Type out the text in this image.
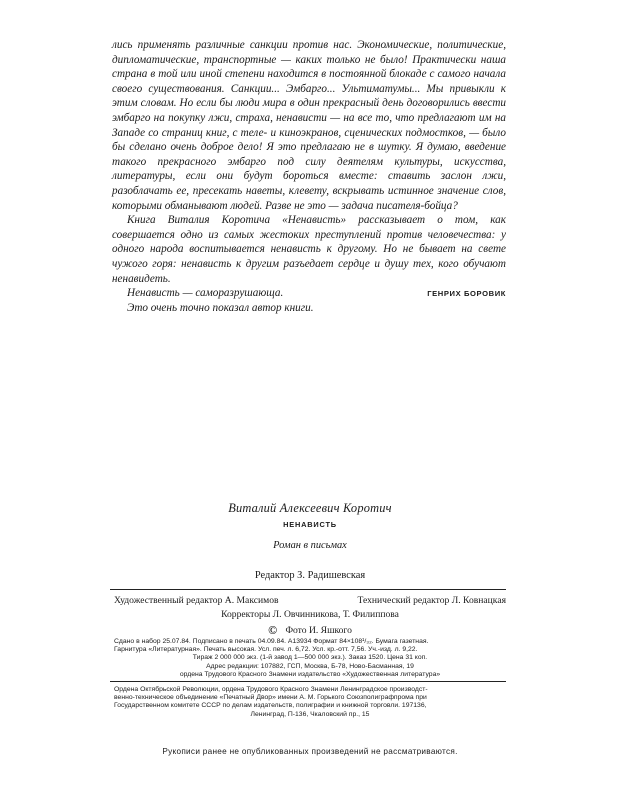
лись применять различные санкции против нас. Экономические, политические, дипломатические, транспортные — каких только не было! Практически наша страна в той или иной степени находится в постоянной блокаде с самого начала своего существования. Санкции... Эмбарго... Ультиматумы... Мы привыкли к этим словам. Но если бы люди мира в один прекрасный день договорились ввести эмбарго на покупку лжи, страха, ненависти — на все то, что предлагают им на Западе со страниц книг, с теле- и киноэкранов, сценических подмостков, — было бы сделано очень доброе дело! Я это предлагаю не в шутку. Я думаю, введение такого прекрасного эмбарго под силу деятелям культуры, искусства, литературы, если они будут бороться вместе: ставить заслон лжи, разоблачать ее, пресекать наветы, клевету, вскрывать истинное значение слов, которыми обманывают людей. Разве не это — задача писателя-бойца?

Книга Виталия Коротича «Ненависть» рассказывает о том, как совершается одно из самых жестоких преступлений против человечества: у одного народа воспитывается ненависть к другому. Но не бывает на свете чужого горя: ненависть к другим разъедает сердце и душу тех, кого обучают ненавидеть.

Ненависть — саморазрушающа.

Это очень точно показал автор книги.

ГЕНРИХ БОРОВИК
Виталий Алексеевич Коротич
НЕНАВИСТЬ
Роман в письмах
Редактор З. Радишевская
Художественный редактор А. Максимов	Технический редактор Л. Ковнацкая
Корректоры Л. Овчинникова, Т. Филиппова
© Фото И. Яшкого
Сдано в набор 25.07.84. Подписано в печать 04.09.84. А13934 Формат 84×108¹/₃₂. Бумага газетная.
Гарнитура «Литературная». Печать высокая. Усл. печ. л. 6,72. Усл. кр.-отт. 7,56. Уч.-изд. л. 9,22.
Тираж 2 000 000 экз. (1-й завод 1—500 000 экз.). Заказ 1520. Цена 31 коп.
Адрес редакции: 107882, ГСП, Москва, Б-78, Ново-Басманная, 19
ордена Трудового Красного Знамени издательство «Художественная литература»
Ордена Октябрьской Революции, ордена Трудового Красного Знамени Ленинградское производст-
венно-техническое объединение «Печатный Двор» имени А. М. Горького Союзполиграфпрома при
Государственном комитете СССР по делам издательств, полиграфии и книжной торговли. 197136,
Ленинград, П-136, Чкаловский пр., 15
Рукописи ранее не опубликованных произведений не рассматриваются.
